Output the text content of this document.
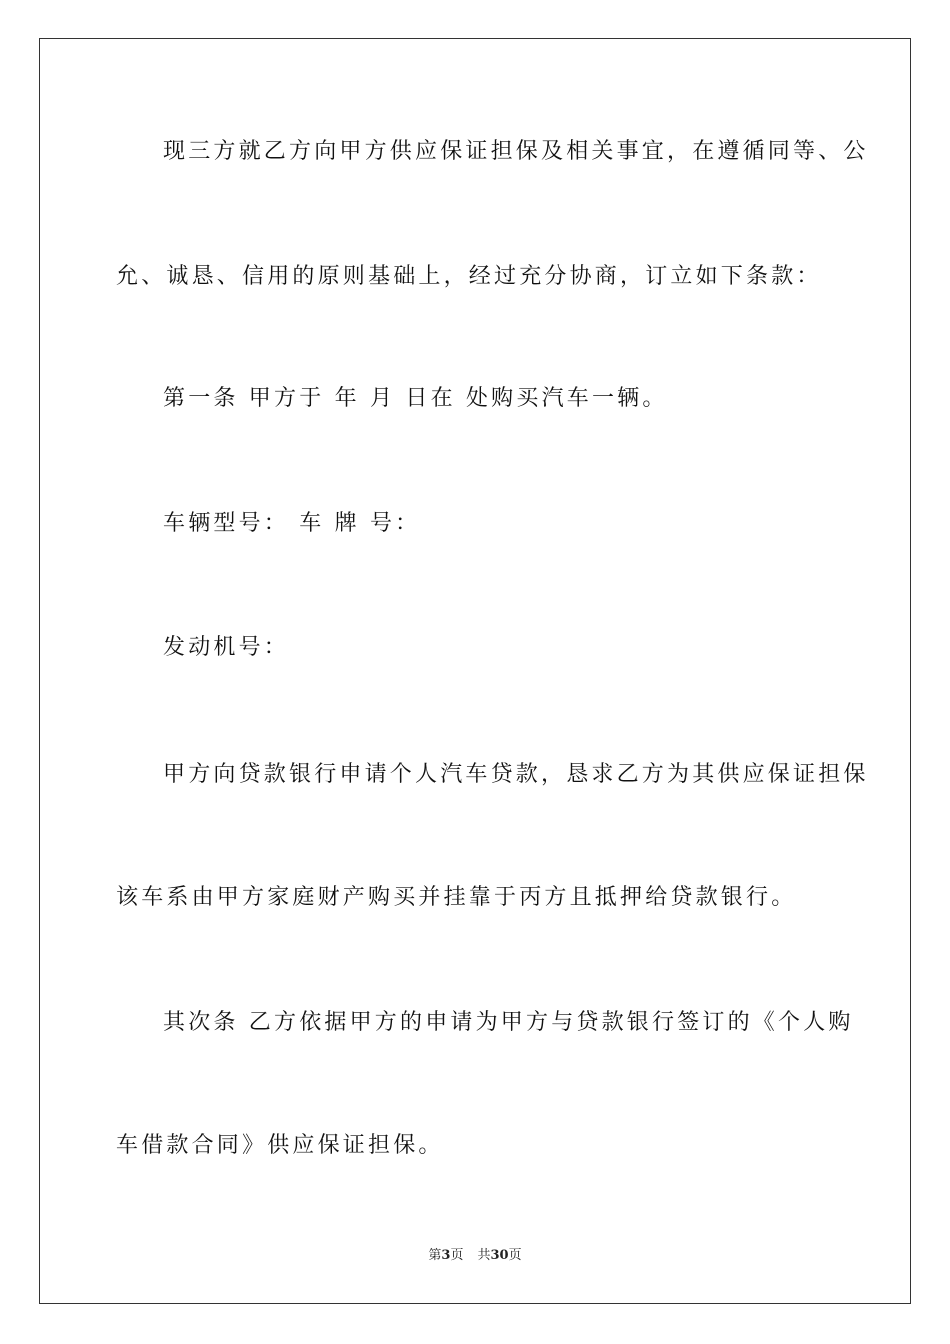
现三方就乙方向甲方供应保证担保及相关事宜，在遵循同等、公
允、诚恳、信用的原则基础上，经过充分协商，订立如下条款：
第一条 甲方于 年 月 日在 处购买汽车一辆。
车辆型号： 车 牌 号：
发动机号：
甲方向贷款银行申请个人汽车贷款，恳求乙方为其供应保证担保
该车系由甲方家庭财产购买并挂靠于丙方且抵押给贷款银行。
其次条 乙方依据甲方的申请为甲方与贷款银行签订的《个人购
车借款合同》供应保证担保。
第3页 共30页
